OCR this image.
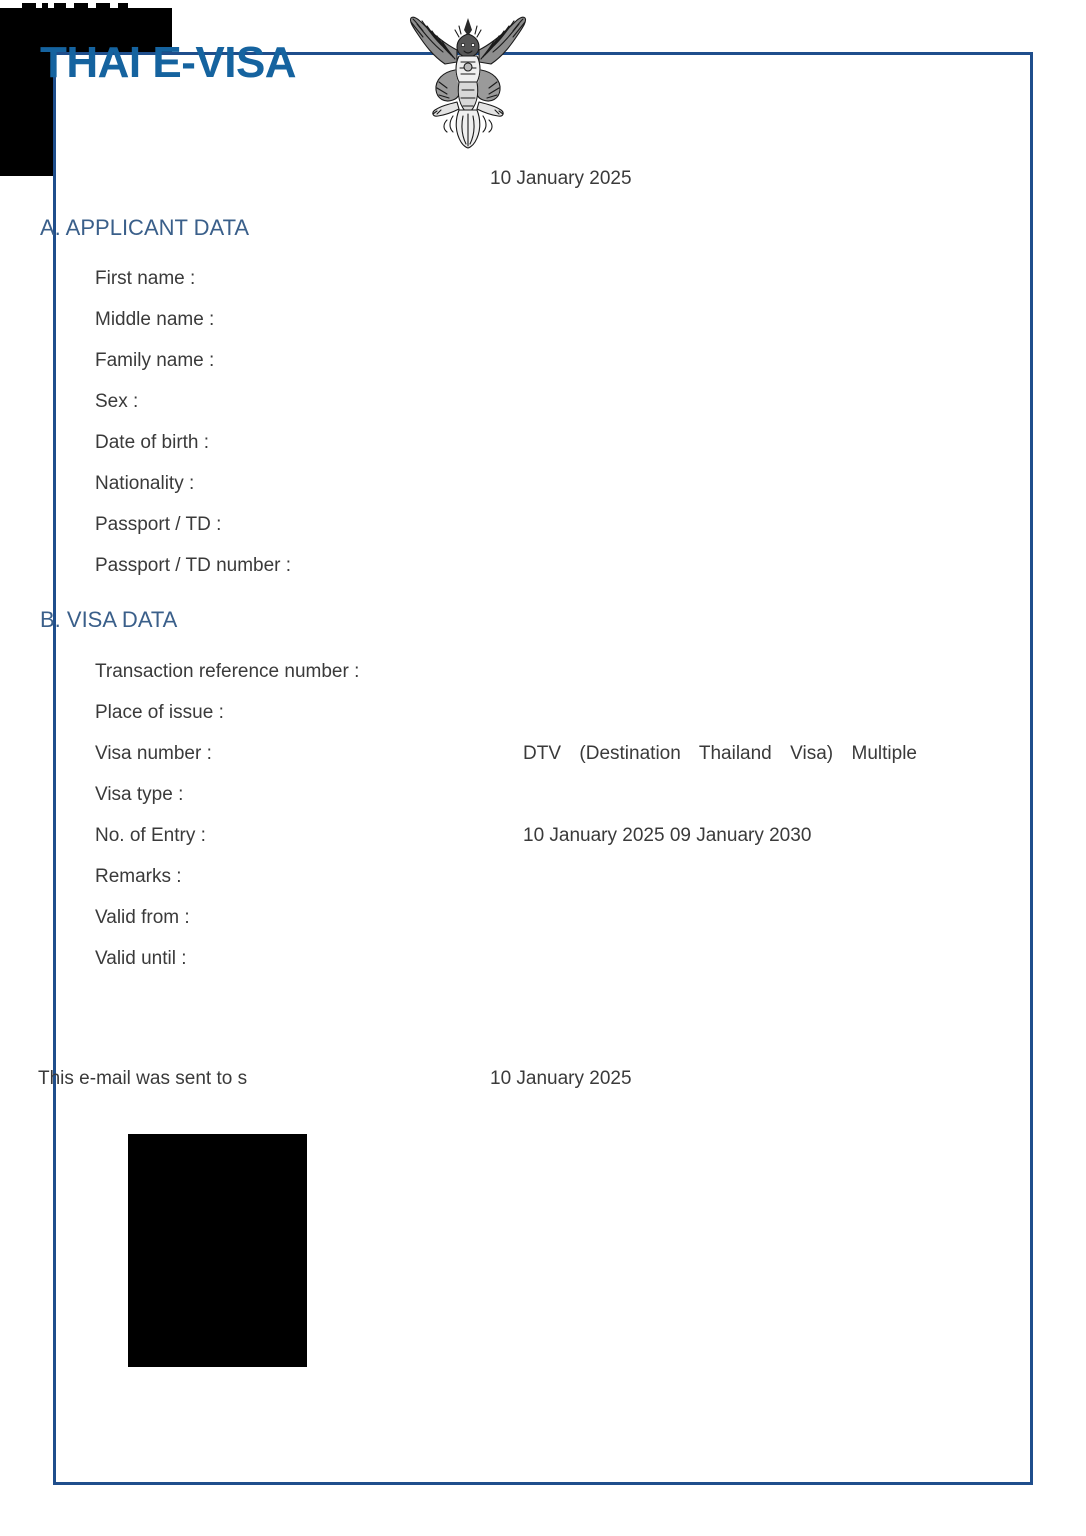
THAI E-VISA
10 January 2025
A. APPLICANT DATA
First name :
Middle name :
Family name :
Sex :
Date of birth :
Nationality :
Passport / TD :
Passport / TD number :
B. VISA DATA
Transaction reference number :
Place of issue :
Visa number :
Visa type :
No. of Entry :
Remarks :
Valid from :
Valid until :
DTV (Destination Thailand Visa) Multiple
10 January 2025 09 January 2030
This e-mail was sent to s	10 January 2025
